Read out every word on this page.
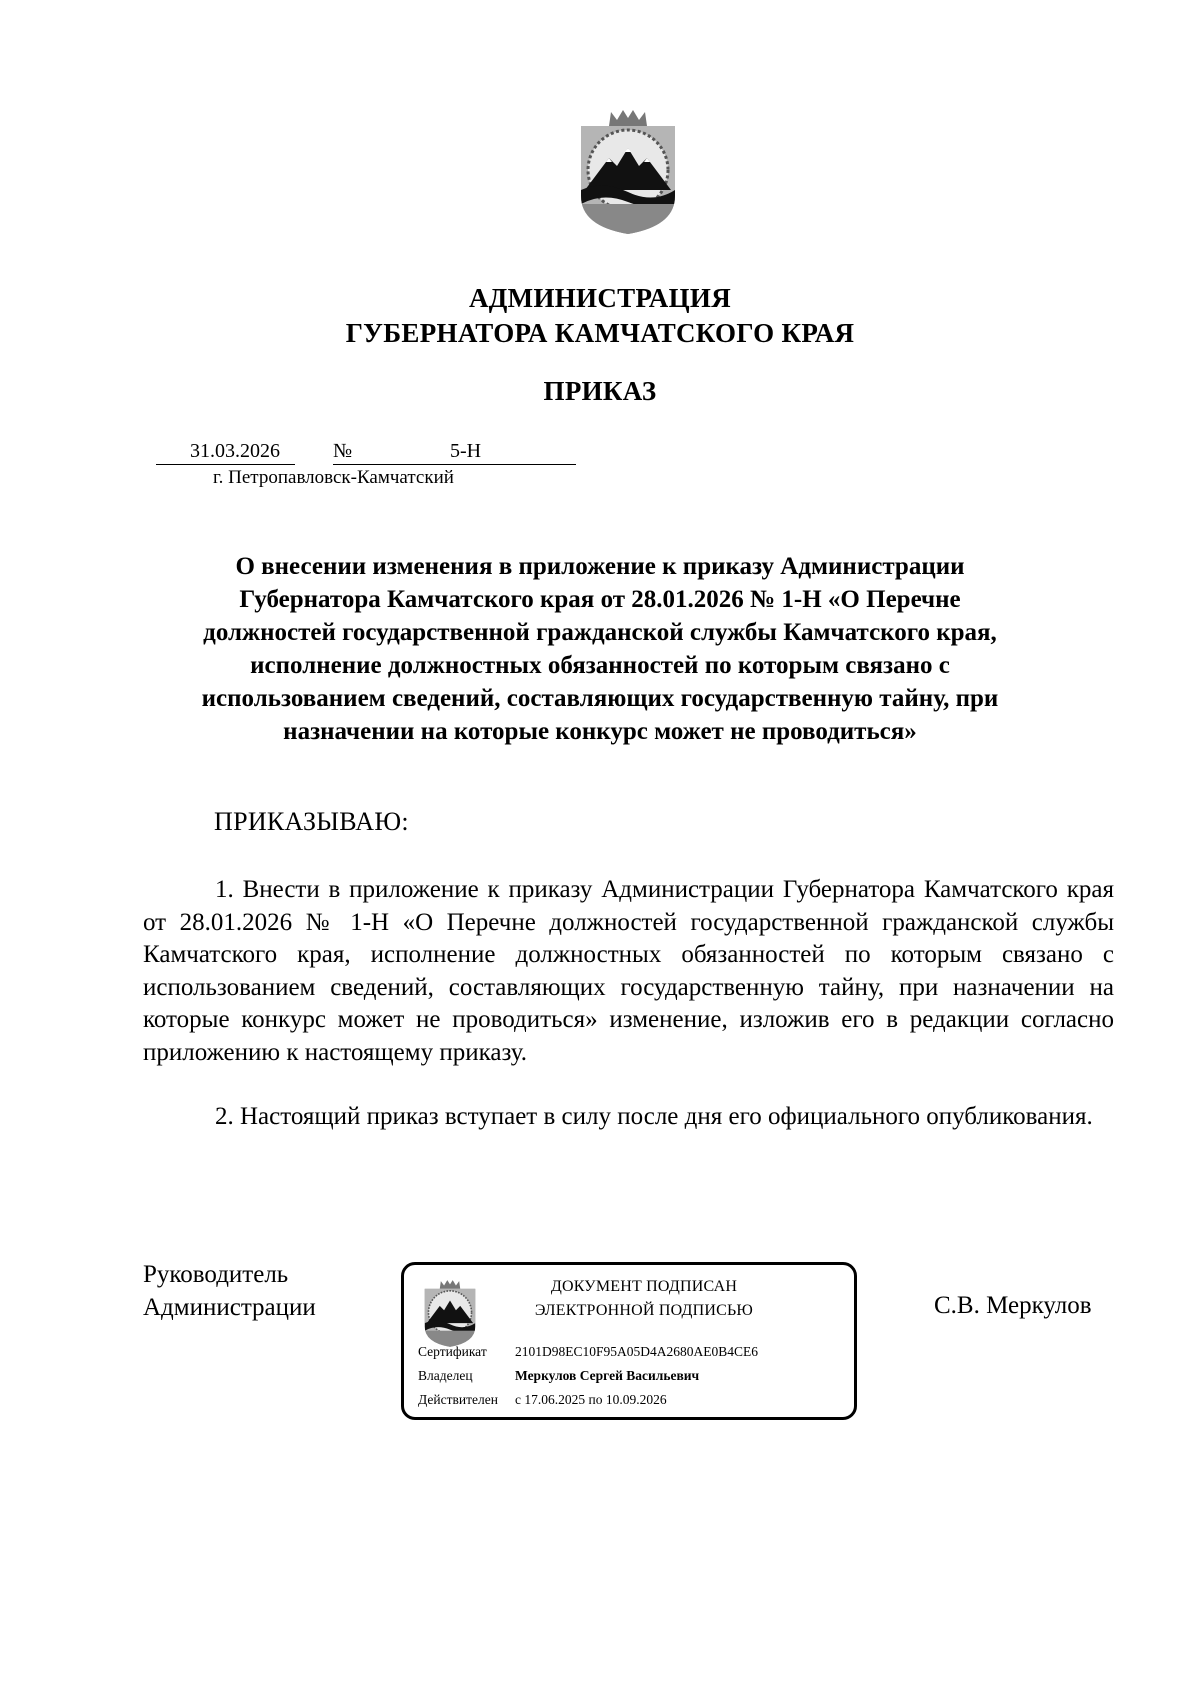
АДМИНИСТРАЦИЯ
ГУБЕРНАТОРА КАМЧАТСКОГО КРАЯ
ПРИКАЗ
31.03.2026	№	5-Н
г. Петропавловск-Камчатский
О внесении изменения в приложение к приказу Администрации
Губернатора Камчатского края от 28.01.2026 № 1-Н «О Перечне
должностей государственной гражданской службы Камчатского края,
исполнение должностных обязанностей по которым связано с
использованием сведений, составляющих государственную тайну, при
назначении на которые конкурс может не проводиться»
ПРИКАЗЫВАЮ:
1. Внести в приложение к приказу Администрации Губернатора Камчатского края от 28.01.2026 № 1-Н «О Перечне должностей государственной гражданской службы Камчатского края, исполнение должностных обязанностей по которым связано с использованием сведений, составляющих государственную тайну, при назначении на которые конкурс может не проводиться» изменение, изложив его в редакции согласно приложению к настоящему приказу.
2. Настоящий приказ вступает в силу после дня его официального опубликования.
Руководитель
Администрации
ДОКУМЕНТ ПОДПИСАН
ЭЛЕКТРОННОЙ ПОДПИСЬЮ
Сертификат 2101D98EC10F95A05D4A2680AE0B4CE6
Владелец	Меркулов Сергей Васильевич
Действителен с 17.06.2025 по 10.09.2026
С.В. Меркулов
